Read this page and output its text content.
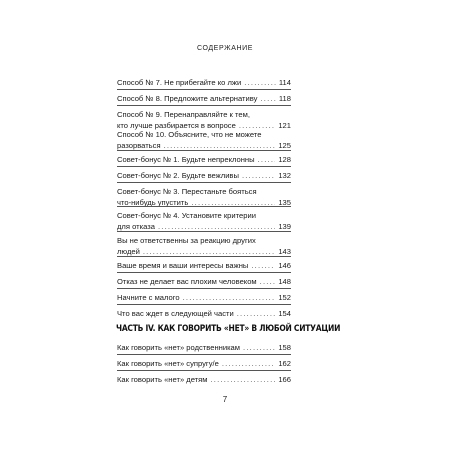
СОДЕРЖАНИЕ
Способ № 7. Не прибегайте ко лжи .....	114
Способ № 8. Предложите альтернативу .....	118
Способ № 9. Перенаправляйте к тем,
кто лучше разбирается в вопросе .....	121
Способ № 10. Объясните, что не можете
разорваться .....	125
Совет-бонус № 1. Будьте непреклонны .....	128
Совет-бонус № 2. Будьте вежливы .....	132
Совет-бонус № 3. Перестаньте бояться
что-нибудь упустить .....	135
Совет-бонус № 4. Установите критерии
для отказа .....	139
Вы не ответственны за реакцию других
людей .....	143
Ваше время и ваши интересы важны .....	146
Отказ не делает вас плохим человеком .....	148
Начните с малого .....	152
Что вас ждет в следующей части .....	154
ЧАСТЬ IV. КАК ГОВОРИТЬ «НЕТ» В ЛЮБОЙ СИТУАЦИИ
Как говорить «нет» родственникам .....	158
Как говорить «нет» супругу/е .....	162
Как говорить «нет» детям .....	166
7
